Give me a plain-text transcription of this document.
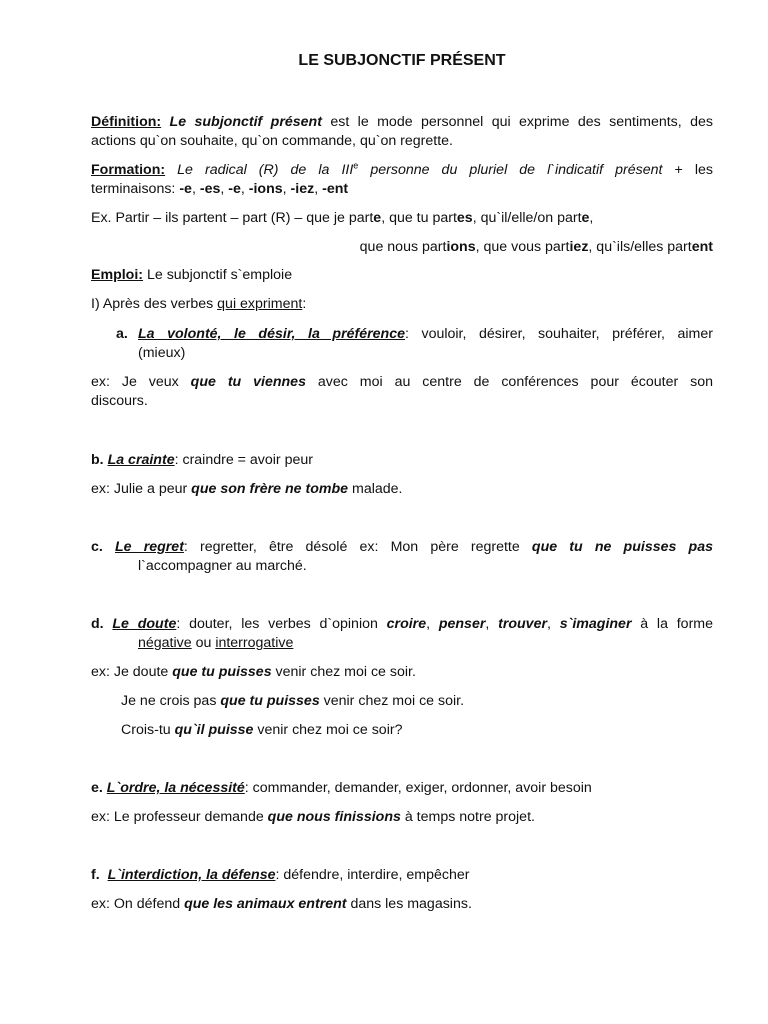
LE SUBJONCTIF PRÉSENT
Définition: Le subjonctif présent est le mode personnel qui exprime des sentiments, des
actions qu`on souhaite, qu`on commande, qu`on regrette.
Formation: Le radical (R) de la IIIe personne du pluriel de l`indicatif présent + les
terminaisons: -e, -es, -e, -ions, -iez, -ent
Ex. Partir – ils partent – part (R) – que je parte, que tu partes, qu`il/elle/on parte,
que nous partions, que vous partiez, qu`ils/elles partent
Emploi: Le subjonctif s`emploie
I) Après des verbes qui expriment:
a. La volonté, le désir, la préférence: vouloir, désirer, souhaiter, préférer, aimer
(mieux)
ex: Je veux que tu viennes avec moi au centre de conférences pour écouter son
discours.
b. La crainte: craindre = avoir peur
ex: Julie a peur que son frère ne tombe malade.
c. Le regret: regretter, être désolé ex: Mon père regrette que tu ne puisses pas
l`accompagner au marché.
d. Le doute: douter, les verbes d`opinion croire, penser, trouver, s`imaginer à la forme
négative ou interrogative
ex: Je doute que tu puisses venir chez moi ce soir.
Je ne crois pas que tu puisses venir chez moi ce soir.
Crois-tu qu`il puisse venir chez moi ce soir?
e. L`ordre, la nécessité: commander, demander, exiger, ordonner, avoir besoin
ex: Le professeur demande que nous finissions à temps notre projet.
f. L`interdiction, la défense: défendre, interdire, empêcher
ex: On défend que les animaux entrent dans les magasins.
